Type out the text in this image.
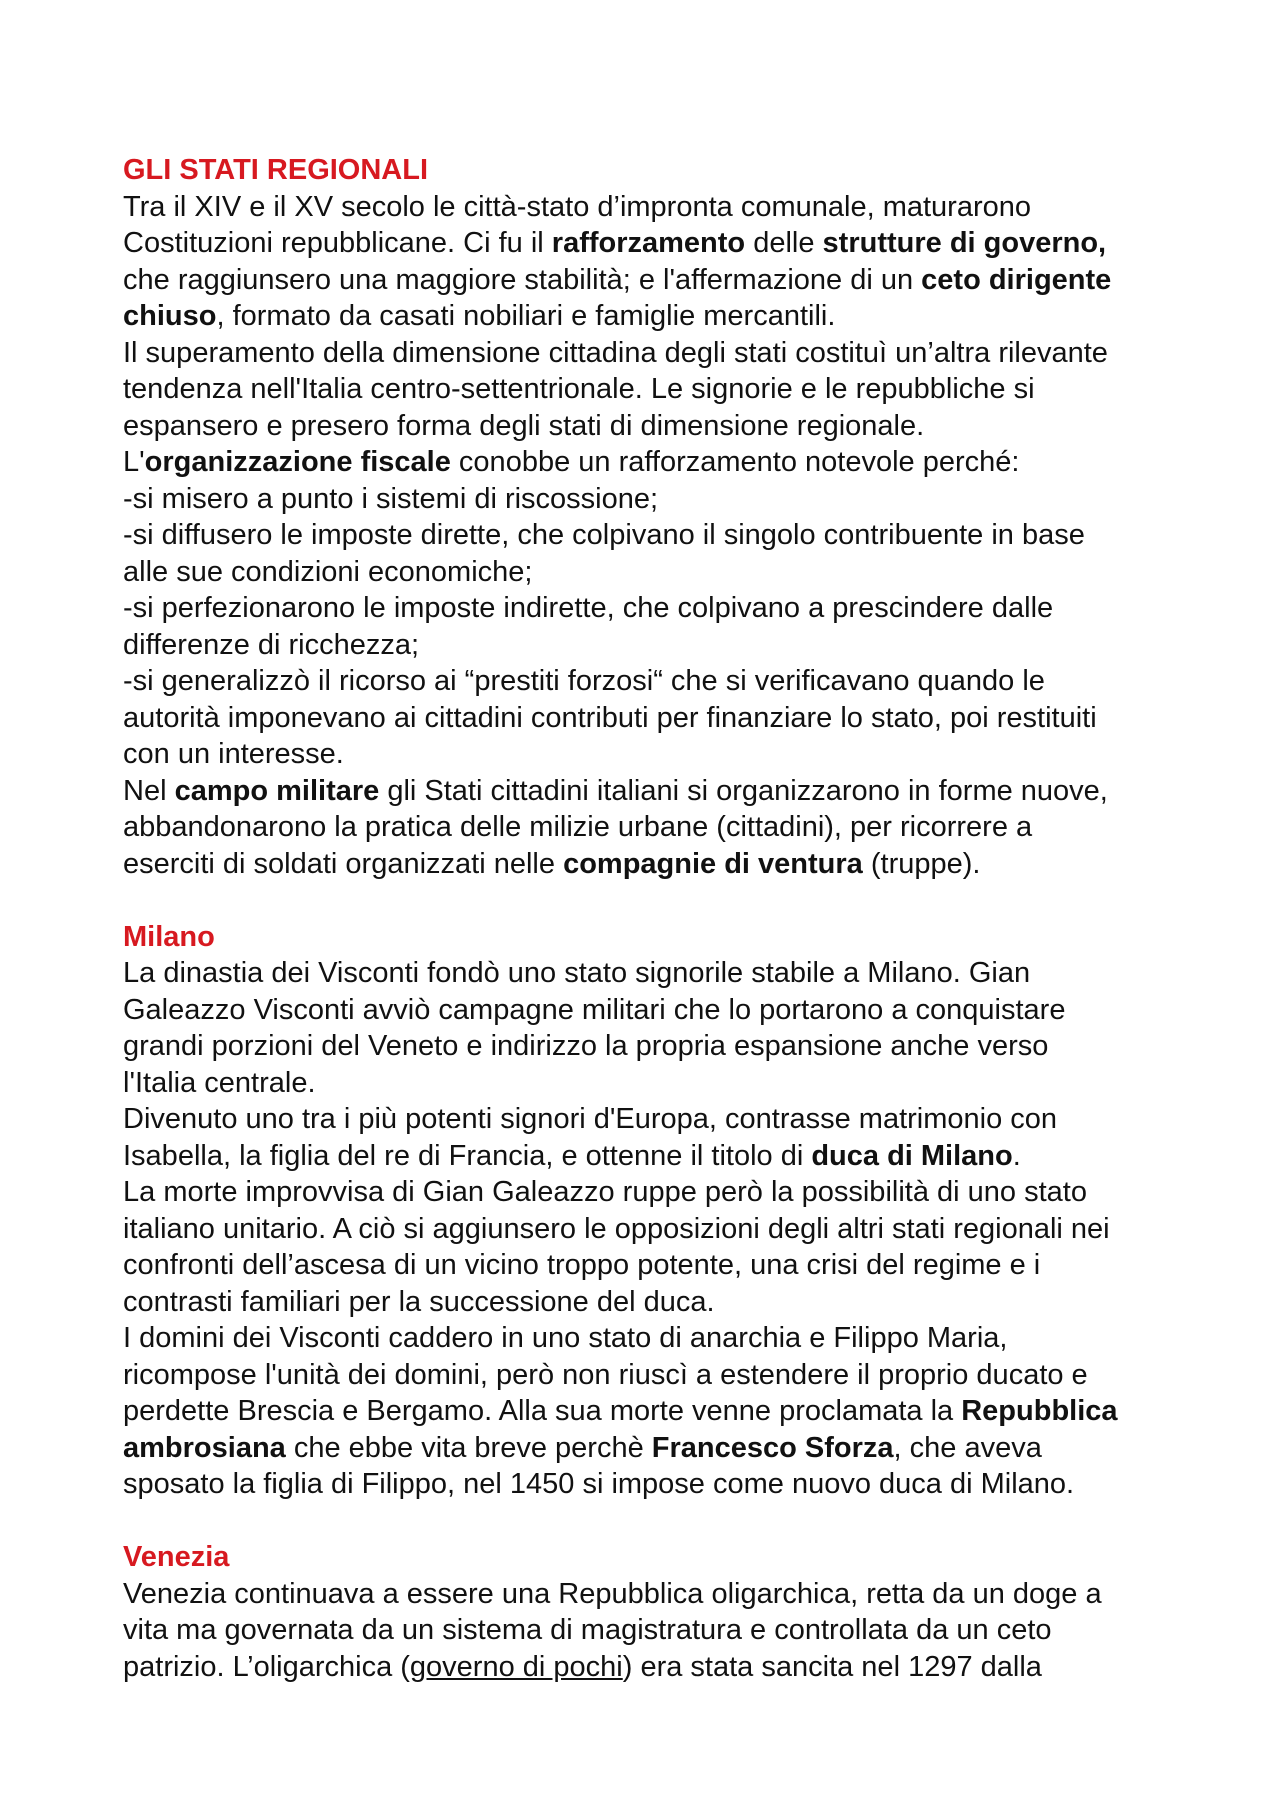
GLI STATI REGIONALI

Tra il XIV e il XV secolo le città-stato d’impronta comunale, maturarono

Costituzioni repubblicane. Ci fu il rafforzamento delle strutture di governo,

che raggiunsero una maggiore stabilità; e l'affermazione di un ceto dirigente

chiuso, formato da casati nobiliari e famiglie mercantili.

Il superamento della dimensione cittadina degli stati costituì un’altra rilevante

tendenza nell'Italia centro-settentrionale. Le signorie e le repubbliche si

espansero e presero forma degli stati di dimensione regionale.

L'organizzazione fiscale conobbe un rafforzamento notevole perché:

-si misero a punto i sistemi di riscossione;

-si diffusero le imposte dirette, che colpivano il singolo contribuente in base

alle sue condizioni economiche;

-si perfezionarono le imposte indirette, che colpivano a prescindere dalle

differenze di ricchezza;

-si generalizzò il ricorso ai “prestiti forzosi“ che si verificavano quando le

autorità imponevano ai cittadini contributi per finanziare lo stato, poi restituiti

con un interesse.

Nel campo militare gli Stati cittadini italiani si organizzarono in forme nuove,

abbandonarono la pratica delle milizie urbane (cittadini), per ricorrere a

eserciti di soldati organizzati nelle compagnie di ventura (truppe).

Milano

La dinastia dei Visconti fondò uno stato signorile stabile a Milano. Gian

Galeazzo Visconti avviò campagne militari che lo portarono a conquistare

grandi porzioni del Veneto e indirizzo la propria espansione anche verso

l'Italia centrale.

Divenuto uno tra i più potenti signori d'Europa, contrasse matrimonio con

Isabella, la figlia del re di Francia, e ottenne il titolo di duca di Milano.

La morte improvvisa di Gian Galeazzo ruppe però la possibilità di uno stato

italiano unitario. A ciò si aggiunsero le opposizioni degli altri stati regionali nei

confronti dell’ascesa di un vicino troppo potente, una crisi del regime e i

contrasti familiari per la successione del duca.

I domini dei Visconti caddero in uno stato di anarchia e Filippo Maria,

ricompose l'unità dei domini, però non riuscì a estendere il proprio ducato e

perdette Brescia e Bergamo. Alla sua morte venne proclamata la Repubblica

ambrosiana che ebbe vita breve perchè Francesco Sforza, che aveva

sposato la figlia di Filippo, nel 1450 si impose come nuovo duca di Milano.

Venezia

Venezia continuava a essere una Repubblica oligarchica, retta da un doge a

vita ma governata da un sistema di magistratura e controllata da un ceto

patrizio. L’oligarchica (governo di pochi) era stata sancita nel 1297 dalla
